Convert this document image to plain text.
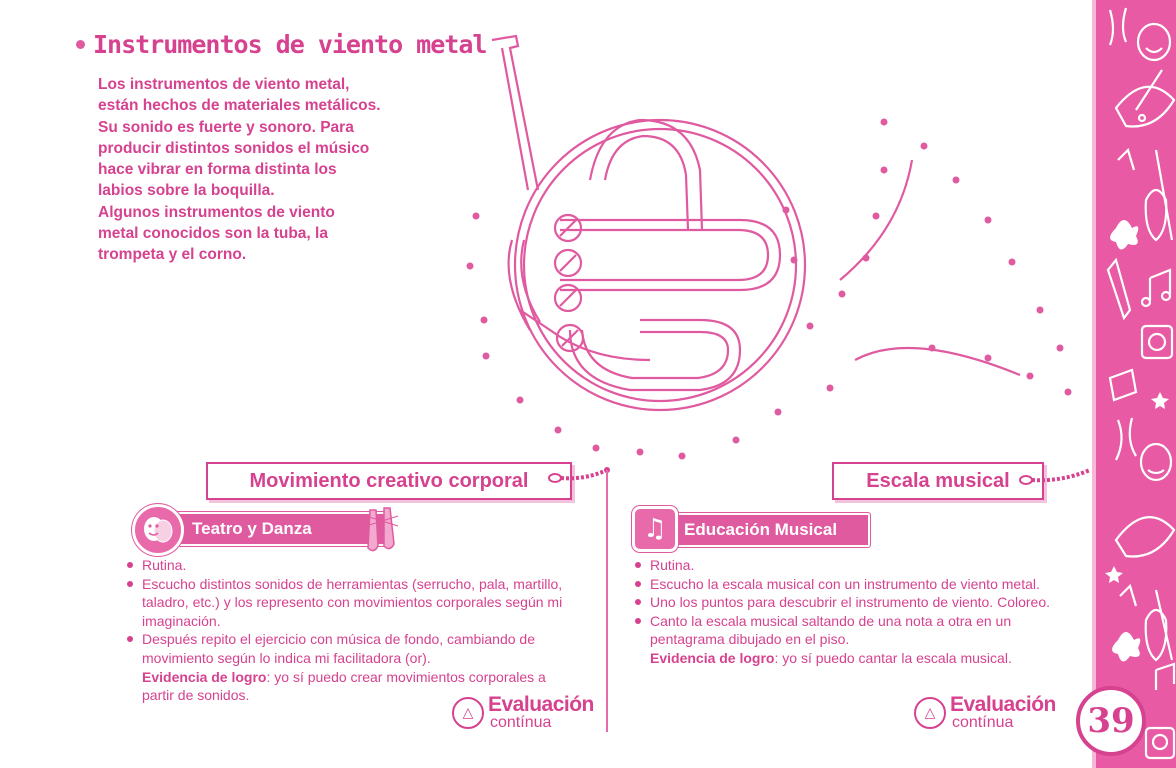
Instrumentos de viento metal

Los instrumentos de viento metal,

están hechos de materiales metálicos.

Su sonido es fuerte y sonoro. Para

producir distintos sonidos el músico

hace vibrar en forma distinta los

labios sobre la boquilla.

Algunos instrumentos de viento

metal conocidos son la tuba, la

trompeta y el corno.

Movimiento creativo corporal	Escala musical
Teatro y Danza	Educación Musical
♫
Rutina.
Escucho distintos sonidos de herramientas (serrucho, pala, martillo, taladro, etc.) y los represento con movimientos corporales según mi imaginación.
Después repito el ejercicio con música de fondo, cambiando de movimiento según lo indica mi facilitadora (or).
Evidencia de logro: yo sí puedo crear movimientos corporales a partir de sonidos.
Rutina.
Escucho la escala musical con un instrumento de viento metal.
Uno los puntos para descubrir el instrumento de viento. Coloreo.
Canto la escala musical saltando de una nota a otra en un pentagrama dibujado en el piso.
Evidencia de logro: yo sí puedo cantar la escala musical.
△ Evaluación
contínua
△ Evaluación
contínua	39
